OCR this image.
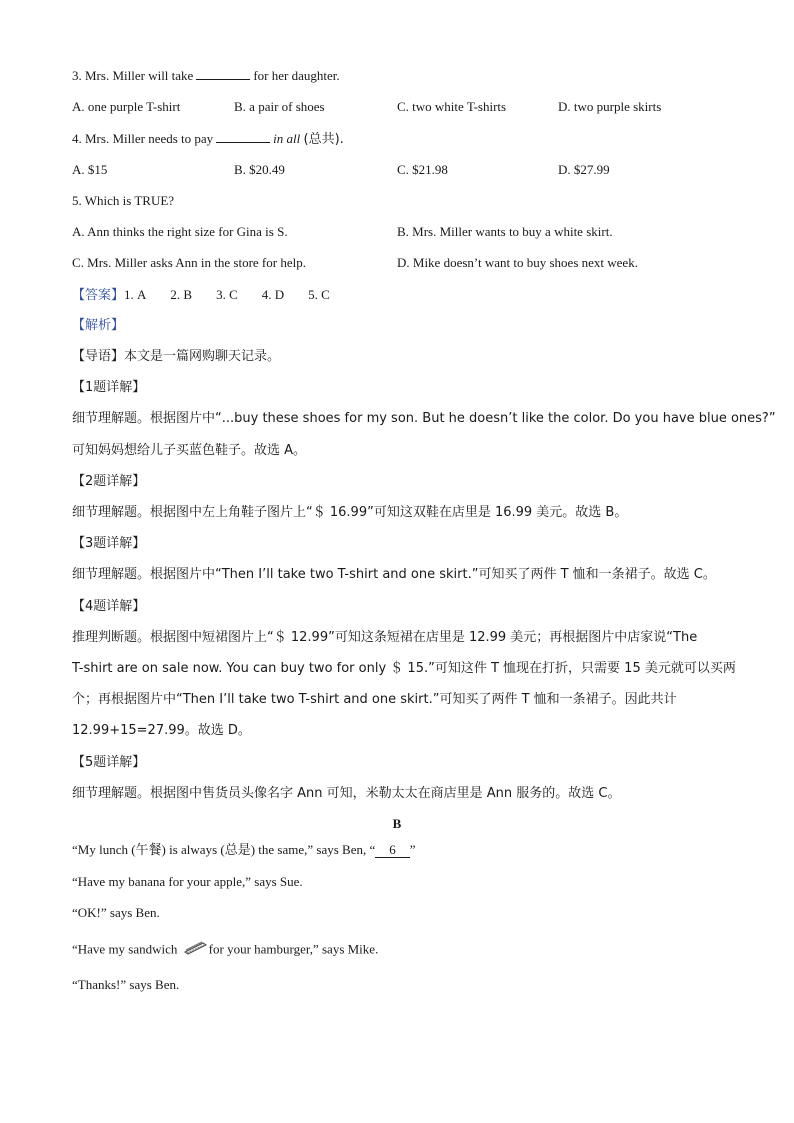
3. Mrs. Miller will take	for her daughter.
A. one purple T-shirt	B. a pair of shoes	C. two white T-shirts	D. two purple skirts
4. Mrs. Miller needs to pay	in all (总共).
A. $15	B. $20.49	C. $21.98	D. $27.99
5. Which is TRUE?
A. Ann thinks the right size for Gina is S.	B. Mrs. Miller wants to buy a white skirt.
C. Mrs. Miller asks Ann in the store for help.	D. Mike doesn’t want to buy shoes next week.
【答案】1. A 2. B 3. C 4. D 5. C
【解析】
【导语】本文是一篇网购聊天记录。
【1题详解】
细节理解题。根据图片中“...buy these shoes for my son. But he doesn’t like the color. Do you have blue ones?”
可知妈妈想给儿子买蓝色鞋子。故选 A。
【2题详解】
细节理解题。根据图中左上角鞋子图片上“＄ 16.99”可知这双鞋在店里是 16.99 美元。故选 B。
【3题详解】
细节理解题。根据图片中“Then I’ll take two T-shirt and one skirt.”可知买了两件 T 恤和一条裙子。故选 C。
【4题详解】
推理判断题。根据图中短裙图片上“＄ 12.99”可知这条短裙在店里是 12.99 美元；再根据图片中店家说“The
T-shirt are on sale now. You can buy two for only ＄ 15.”可知这件 T 恤现在打折，只需要 15 美元就可以买两
个；再根据图片中“Then I’ll take two T-shirt and one skirt.”可知买了两件 T 恤和一条裙子。因此共计
12.99+15=27.99。故选 D。
【5题详解】
细节理解题。根据图中售货员头像名字 Ann 可知，米勒太太在商店里是 Ann 服务的。故选 C。
B
“My lunch (午餐) is always (总是) the same,” says Ben, “ 6 ”
“Have my banana for your apple,” says Sue.
“OK!” says Ben.
“Have my sandwich for your hamburger,” says Mike.
“Thanks!” says Ben.
